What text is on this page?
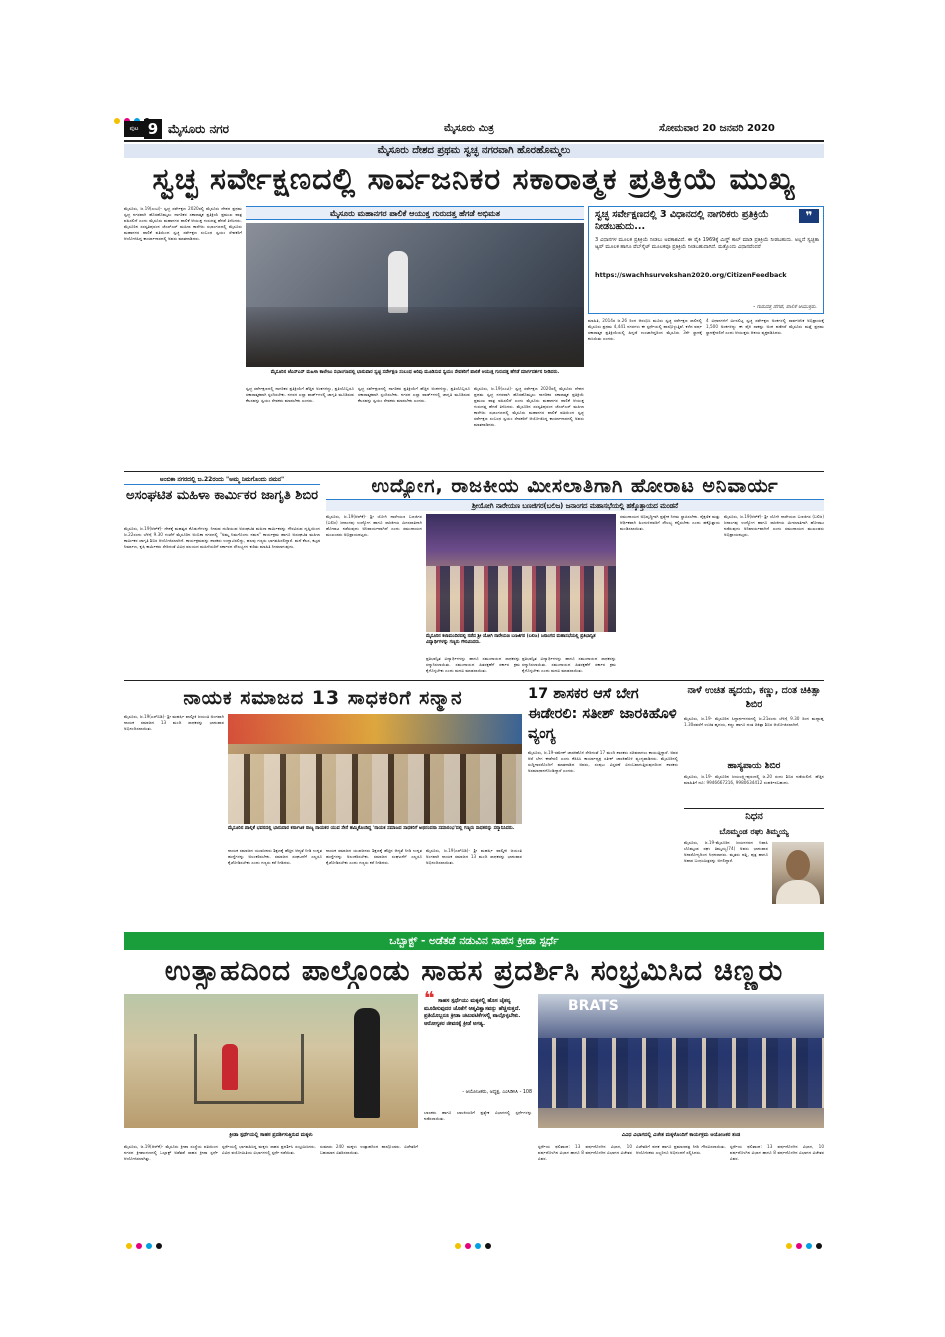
ಪುಟ 9 ಮೈಸೂರು ನಗರ	ಮೈಸೂರು ಮಿತ್ರ	ಸೋಮವಾರ 20 ಜನವರಿ 2020
ಮೈಸೂರು ದೇಶದ ಪ್ರಥಮ ಸ್ವಚ್ಛ ನಗರವಾಗಿ ಹೊರಹೊಮ್ಮಲು
ಸ್ವಚ್ಛ ಸರ್ವೇಕ್ಷಣದಲ್ಲಿ ಸಾರ್ವಜನಿಕರ ಸಕಾರಾತ್ಮಕ ಪ್ರತಿಕ್ರಿಯೆ ಮುಖ್ಯ
ಮೈಸೂರು, ಜ.19(ಎಂಟಿ)- ಸ್ವಚ್ಛ ಸರ್ವೇಕ್ಷಣ 2020ರಲ್ಲಿ ಮೈಸೂರು ದೇಶದ ಪ್ರಥಮ ಸ್ವಚ್ಛ ನಗರವಾಗಿ ಹೊರಹೊಮ್ಮಲು ನಾಗರಿಕರ ಸಕಾರಾತ್ಮಕ ಪ್ರತಿಕ್ರಿಯೆ ಪ್ರಮುಖ ಪಾತ್ರ ವಹಿಸಲಿದೆ ಎಂದು ಮೈಸೂರು ಮಹಾನಗರ ಪಾಲಿಕೆ ಆಯುಕ್ತ ಗುರುದತ್ತ ಹೆಗಡೆ ತಿಳಿಸಿದರು. ಮೈಸೂರಿನ ಸರಸ್ವತಿಪುರಂನ ಜೆಎಸ್‌ಎಸ್ ಮಹಿಳಾ ಕಾಲೇಜು ಸಭಾಂಗಣದಲ್ಲಿ ಮೈಸೂರು ಮಹಾನಗರ ಪಾಲಿಕೆ ವತಿಯಿಂದ ಸ್ವಚ್ಛ ಸರ್ವೇಕ್ಷಣ ಸಂಬಂಧ ಸ್ವಯಂ ಸೇವಕರಿಗೆ ಆಯೋಜಿಸಿದ್ದ ಕಾರ್ಯಾಗಾರದಲ್ಲಿ ಅವರು ಮಾತನಾಡಿದರು.
ಮೈಸೂರು ಮಹಾನಗರ ಪಾಲಿಕೆ ಆಯುಕ್ತ ಗುರುದತ್ತ ಹೆಗಡೆ ಅಭಿಮತ
ಮೈಸೂರಿನ ಜೆಎಸ್‌ಎಸ್ ಮಹಿಳಾ ಕಾಲೇಜು ಸಭಾಂಗಣದಲ್ಲಿ ಭಾನುವಾರ ಸ್ವಚ್ಛ ಸರ್ವೇಕ್ಷಣ ಸಂಬಂಧ ಅರಿವು ಮೂಡಿಸುವ ಸ್ವಯಂ ಸೇವಕರಿಗೆ ಪಾಲಿಕೆ ಆಯುಕ್ತ ಗುರುದತ್ತ ಹೆಗಡೆ ಮಾರ್ಗದರ್ಶನ ನೀಡಿದರು.
ಸ್ವಚ್ಛ ಸರ್ವೇಕ್ಷಣದಲ್ಲಿ ನಾಗರಿಕರ ಪ್ರತಿಕ್ರಿಯೆಗೆ ಹೆಚ್ಚಿನ ಅಂಕಗಳಿದ್ದು, ಪ್ರತಿಯೊಬ್ಬರೂ ಸಕಾರಾತ್ಮಕವಾಗಿ ಸ್ಪಂದಿಸಬೇಕು. ನಗರದ ಎಲ್ಲಾ ವಾರ್ಡ್‌ಗಳಲ್ಲಿ ಜಾಗೃತಿ ಮೂಡಿಸುವ ಕೆಲಸವನ್ನು ಸ್ವಯಂ ಸೇವಕರು ಮಾಡಬೇಕು ಎಂದರು.
ಸ್ವಚ್ಛ ಸರ್ವೇಕ್ಷಣದಲ್ಲಿ ನಾಗರಿಕರ ಪ್ರತಿಕ್ರಿಯೆಗೆ ಹೆಚ್ಚಿನ ಅಂಕಗಳಿದ್ದು, ಪ್ರತಿಯೊಬ್ಬರೂ ಸಕಾರಾತ್ಮಕವಾಗಿ ಸ್ಪಂದಿಸಬೇಕು. ನಗರದ ಎಲ್ಲಾ ವಾರ್ಡ್‌ಗಳಲ್ಲಿ ಜಾಗೃತಿ ಮೂಡಿಸುವ ಕೆಲಸವನ್ನು ಸ್ವಯಂ ಸೇವಕರು ಮಾಡಬೇಕು ಎಂದರು.
ಮೈಸೂರು, ಜ.19(ಎಂಟಿ)- ಸ್ವಚ್ಛ ಸರ್ವೇಕ್ಷಣ 2020ರಲ್ಲಿ ಮೈಸೂರು ದೇಶದ ಪ್ರಥಮ ಸ್ವಚ್ಛ ನಗರವಾಗಿ ಹೊರಹೊಮ್ಮಲು ನಾಗರಿಕರ ಸಕಾರಾತ್ಮಕ ಪ್ರತಿಕ್ರಿಯೆ ಪ್ರಮುಖ ಪಾತ್ರ ವಹಿಸಲಿದೆ ಎಂದು ಮೈಸೂರು ಮಹಾನಗರ ಪಾಲಿಕೆ ಆಯುಕ್ತ ಗುರುದತ್ತ ಹೆಗಡೆ ತಿಳಿಸಿದರು. ಮೈಸೂರಿನ ಸರಸ್ವತಿಪುರಂನ ಜೆಎಸ್‌ಎಸ್ ಮಹಿಳಾ ಕಾಲೇಜು ಸಭಾಂಗಣದಲ್ಲಿ ಮೈಸೂರು ಮಹಾನಗರ ಪಾಲಿಕೆ ವತಿಯಿಂದ ಸ್ವಚ್ಛ ಸರ್ವೇಕ್ಷಣ ಸಂಬಂಧ ಸ್ವಯಂ ಸೇವಕರಿಗೆ ಆಯೋಜಿಸಿದ್ದ ಕಾರ್ಯಾಗಾರದಲ್ಲಿ ಅವರು ಮಾತನಾಡಿದರು.
ಸ್ವಚ್ಛ ಸರ್ವೇಕ್ಷಣದಲ್ಲಿ 3 ವಿಧಾನದಲ್ಲಿ ನಾಗರಿಕರು ಪ್ರತಿಕ್ರಿಯೆ ನೀಡಬಹುದು...
❞
3 ವಿಧಾನಗಳ ಮೂಲಕ ಪ್ರತಿಕ್ರಿಯೆ ನೀಡಲು ಅವಕಾಶವಿದೆ. ಈ ಪೈಕಿ 1969ಕ್ಕೆ ಮಿಸ್ಡ್ ಕಾಲ್ ಮಾಡಿ ಪ್ರತಿಕ್ರಿಯೆ ನೀಡಬಹುದು. ಅಲ್ಲದೆ ಸ್ವಚ್ಛತಾ ಆ್ಯಪ್ ಮೂಲಕ ಹಾಗೂ ವೆಬ್‌ಸೈಟ್ ಮೂಲಕವೂ ಪ್ರತಿಕ್ರಿಯೆ ನೀಡಬಹುದಾಗಿದೆ. ಮತ್ತೊಂದು ವಿಧಾನವೆಂದರೆ
https://swachhsurvekshan2020.org/CitizenFeedback
- ಗುರುದತ್ತ ಹೆಗಡೆ, ಪಾಲಿಕೆ ಆಯುಕ್ತರು.
ಮಾಹಿತಿ, 2014ರ ಜ.26 ರಿಂದ ಆರಂಭಿಸಿ ಮೂರು ಸ್ವಚ್ಛ ಸರ್ವೇಕ್ಷಣ ಸಾಲಿನಲ್ಲಿ ಮೈಸೂರು ಪ್ರಥಮ 4,441 ನಗರಗಳು ಈ ಸ್ಪರ್ಧೆಯಲ್ಲಿ ಪಾಲ್ಗೊಳ್ಳುತ್ತಿವೆ. ಕಳೆದ ವರ್ಷ ಸಕಾರಾತ್ಮಕ ಪ್ರತಿಕ್ರಿಯೆಯಲ್ಲಿ ಹಿನ್ನಡೆ ಉಂಟಾಗಿದ್ದರಿಂದ ಮೈಸೂರು 3ನೇ ಸ್ಥಾನಕ್ಕೆ ಕುಸಿಯಿತು ಎಂದರು.
4 ವಿಧಾನಗಳಿಗೆ ಮೀಸಲಿಟ್ಟ ಸ್ವಚ್ಛ ಸರ್ವೇಕ್ಷಣ ಅಂಕಗಳಲ್ಲಿ ಸಾರ್ವಜನಿಕ ಅಭಿಪ್ರಾಯಕ್ಕೆ 1,500 ಅಂಕಗಳಿದ್ದು ಈ ಪೈಕಿ ಸಾಕಷ್ಟು ಅಂಕ ಪಡೆದರೆ ಮೈಸೂರು ಮತ್ತೆ ಪ್ರಥಮ ಸ್ಥಾನಕ್ಕೇರಲಿದೆ ಎಂದು ಆಯುಕ್ತರು ಆಶಯ ವ್ಯಕ್ತಪಡಿಸಿದರು.
ಅಂಬಿಕಾ ನಗರದಲ್ಲಿ ಜ.22ರಂದು "ಅಮ್ಮ ನಿಮಗೊಂದು ನಮನ"
ಅಸಂಘಟಿತ ಮಹಿಳಾ ಕಾರ್ಮಿಕರ ಜಾಗೃತಿ ಶಿಬಿರ
ಮೈಸೂರು, ಜ.19(ಆರ್‌ಕೆ)- ದೇಶಕ್ಕೆ ಮಹತ್ವದ ಕೊಡುಗೆಗಳನ್ನು ನೀಡುವ ದುಡಿಯುವ ಅಸಂಘಟಿತ ಮಹಿಳಾ ಕಾರ್ಮಿಕರನ್ನು ಗೌರವಿಸುವ ದೃಷ್ಟಿಯಿಂದ ಜ.22ರಂದು ಬೆಳಿಗ್ಗೆ 9.30 ಗಂಟೆಗೆ ಮೈಸೂರಿನ ಅಂಬಿಕಾ ನಗರದಲ್ಲಿ "ಅಮ್ಮ ನಿಮಗೊಂದು ನಮನ" ಕಾರ್ಯಕ್ರಮ ಹಾಗೂ ಅಸಂಘಟಿತ ಮಹಿಳಾ ಕಾರ್ಮಿಕರ ಜಾಗೃತಿ ಶಿಬಿರ ಆಯೋಜಿಸಲಾಗಿದೆ. ಕಾರ್ಯಕ್ರಮವನ್ನು ಶಾಸಕರು ಉದ್ಘಾಟಿಸಲಿದ್ದು, ಹಲವು ಗಣ್ಯರು ಭಾಗವಹಿಸಲಿದ್ದಾರೆ. ಮನೆ ಕೆಲಸ, ಕಟ್ಟಡ ನಿರ್ಮಾಣ, ಕೃಷಿ ಕಾರ್ಮಿಕರು ಸೇರಿದಂತೆ ವಿವಿಧ ವಲಯದ ಮಹಿಳೆಯರಿಗೆ ಸರ್ಕಾರದ ಸೌಲಭ್ಯಗಳ ಕುರಿತು ಮಾಹಿತಿ ನೀಡಲಾಗುವುದು.
ಉದ್ಯೋಗ, ರಾಜಕೀಯ ಮೀಸಲಾತಿಗಾಗಿ ಹೋರಾಟ ಅನಿವಾರ್ಯ
ಶ್ರೀಯೋಗಿ ನಾರೇಯಣ ಬಣಜಿಗರ(ಬಲಿಜ) ಜನಾಂಗದ ಮಹಾಸಭೆಯಲ್ಲಿ ಹಕ್ಕೊತ್ತಾಯದ ಮಂಡನೆ
ಮೈಸೂರು, ಜ.19(ಆರ್‌ಕೆ)- ಶ್ರೀ ಯೋಗಿ ನಾರೇಯಣ ಬಣಜಿಗರ (ಬಲಿಜ) ಜನಾಂಗವು ಉದ್ಯೋಗ ಹಾಗೂ ರಾಜಕೀಯ ಮೀಸಲಾತಿಗಾಗಿ ಹೋರಾಟ ನಡೆಸುವುದು ಅನಿವಾರ್ಯವಾಗಿದೆ ಎಂದು ಸಮುದಾಯದ ಮುಖಂಡರು ಅಭಿಪ್ರಾಯಪಟ್ಟರು.
ಮೈಸೂರಿನ ಕಲಾಮಂದಿರದಲ್ಲಿ ನಡೆದ ಶ್ರೀ ಯೋಗಿ ನಾರೇಯಣ ಬಣಜಿಗರ (ಬಲಿಜ) ಜನಾಂಗದ ಮಹಾಸಭೆಯಲ್ಲಿ ಪ್ರತಿಭಾನ್ವಿತ ವಿದ್ಯಾರ್ಥಿಗಳನ್ನು ಗಣ್ಯರು ಗೌರವಿಸಿದರು.
ಪ್ರತಿಭಾನ್ವಿತ ವಿದ್ಯಾರ್ಥಿಗಳನ್ನು ಹಾಗೂ ಸಮುದಾಯದ ಸಾಧಕರನ್ನು ಸನ್ಮಾನಿಸಲಾಯಿತು. ಸಮುದಾಯದ ಹಿತರಕ್ಷಣೆಗೆ ಸರ್ಕಾರ ಕ್ರಮ ಕೈಗೊಳ್ಳಬೇಕು ಎಂದು ಮನವಿ ಮಾಡಲಾಯಿತು.
ಪ್ರತಿಭಾನ್ವಿತ ವಿದ್ಯಾರ್ಥಿಗಳನ್ನು ಹಾಗೂ ಸಮುದಾಯದ ಸಾಧಕರನ್ನು ಸನ್ಮಾನಿಸಲಾಯಿತು. ಸಮುದಾಯದ ಹಿತರಕ್ಷಣೆಗೆ ಸರ್ಕಾರ ಕ್ರಮ ಕೈಗೊಳ್ಳಬೇಕು ಎಂದು ಮನವಿ ಮಾಡಲಾಯಿತು.
ಸಮುದಾಯದ ಅಭಿವೃದ್ಧಿಗಾಗಿ ಪ್ರತ್ಯೇಕ ನಿಗಮ ಸ್ಥಾಪಿಸಬೇಕು. ಶೈಕ್ಷಣಿಕ ಮತ್ತು ಆರ್ಥಿಕವಾಗಿ ಹಿಂದುಳಿದವರಿಗೆ ಸೌಲಭ್ಯ ಕಲ್ಪಿಸಬೇಕು ಎಂದು ಹಕ್ಕೊತ್ತಾಯ ಮಂಡಿಸಲಾಯಿತು.
ಮೈಸೂರು, ಜ.19(ಆರ್‌ಕೆ)- ಶ್ರೀ ಯೋಗಿ ನಾರೇಯಣ ಬಣಜಿಗರ (ಬಲಿಜ) ಜನಾಂಗವು ಉದ್ಯೋಗ ಹಾಗೂ ರಾಜಕೀಯ ಮೀಸಲಾತಿಗಾಗಿ ಹೋರಾಟ ನಡೆಸುವುದು ಅನಿವಾರ್ಯವಾಗಿದೆ ಎಂದು ಸಮುದಾಯದ ಮುಖಂಡರು ಅಭಿಪ್ರಾಯಪಟ್ಟರು.
ನಾಯಕ ಸಮಾಜದ 13 ಸಾಧಕರಿಗೆ ಸನ್ಮಾನ
ಮೈಸೂರು, ಜ.19(ಎಸ್‌ಬಿಡಿ)- ಶ್ರೀ ಮಹರ್ಷಿ ವಾಲ್ಮೀಕಿ ಜಯಂತಿ ಅಂಗವಾಗಿ ನಾಯಕ ಸಮಾಜದ 13 ಮಂದಿ ಸಾಧಕರನ್ನು ಭಾನುವಾರ ಅಭಿನಂದಿಸಲಾಯಿತು.
ಮೈಸೂರಿನ ಪಾಲ್ಗಿಕೆ ಭವನದಲ್ಲಿ ಭಾನುವಾರ ಕರ್ನಾಟಕ ರಾಜ್ಯ ನಾಯಕರ ಯುವ ಸೇನೆ ಹಮ್ಮಿಕೊಂಡಿದ್ದ 'ನಾಯಕ ಸಮಾಜದ ಸಾಧಕರಿಗೆ ಅಭಿನಂದನಾ ಸಮಾರಂಭ'ದಲ್ಲಿ ಗಣ್ಯರು ಸಾಧಕರನ್ನು ಸನ್ಮಾನಿಸಿದರು.
ನಾಯಕ ಸಮಾಜದ ಯುವಜನರು ಶಿಕ್ಷಣಕ್ಕೆ ಹೆಚ್ಚಿನ ಆದ್ಯತೆ ನೀಡಿ ಉನ್ನತ ಹುದ್ದೆಗಳನ್ನು ಅಲಂಕರಿಸಬೇಕು. ಸಮಾಜದ ಸಂಘಟನೆಗೆ ಎಲ್ಲರೂ ಕೈಜೋಡಿಸಬೇಕು ಎಂದು ಗಣ್ಯರು ಕರೆ ನೀಡಿದರು.
ನಾಯಕ ಸಮಾಜದ ಯುವಜನರು ಶಿಕ್ಷಣಕ್ಕೆ ಹೆಚ್ಚಿನ ಆದ್ಯತೆ ನೀಡಿ ಉನ್ನತ ಹುದ್ದೆಗಳನ್ನು ಅಲಂಕರಿಸಬೇಕು. ಸಮಾಜದ ಸಂಘಟನೆಗೆ ಎಲ್ಲರೂ ಕೈಜೋಡಿಸಬೇಕು ಎಂದು ಗಣ್ಯರು ಕರೆ ನೀಡಿದರು.
ಮೈಸೂರು, ಜ.19(ಎಸ್‌ಬಿಡಿ)- ಶ್ರೀ ಮಹರ್ಷಿ ವಾಲ್ಮೀಕಿ ಜಯಂತಿ ಅಂಗವಾಗಿ ನಾಯಕ ಸಮಾಜದ 13 ಮಂದಿ ಸಾಧಕರನ್ನು ಭಾನುವಾರ ಅಭಿನಂದಿಸಲಾಯಿತು.
17 ಶಾಸಕರ ಆಸೆ ಬೇಗ ಈಡೇರಲಿ: ಸತೀಶ್ ಜಾರಕಿಹೊಳಿ ವ್ಯಂಗ್ಯ
ಮೈಸೂರು, ಜ.19-ರಮೇಶ್ ಜಾರಕಿಹೊಳಿ ಸೇರಿದಂತೆ 17 ಮಂದಿ ಶಾಸಕರು ಸಚಿವರಾಗಲು ಕಾಯುತ್ತಿದ್ದಾರೆ. ಅವರ ಆಸೆ ಬೇಗ ಈಡೇರಲಿ ಎಂದು ಕೆಪಿಸಿಸಿ ಕಾರ್ಯಾಧ್ಯಕ್ಷ ಸತೀಶ್ ಜಾರಕಿಹೊಳಿ ವ್ಯಂಗ್ಯವಾಡಿದರು. ಮೈಸೂರಿನಲ್ಲಿ ಸುದ್ದಿಗಾರರೊಂದಿಗೆ ಮಾತನಾಡಿದ ಅವರು, ಸಂಪುಟ ವಿಸ್ತರಣೆ ವಿಳಂಬವಾಗುತ್ತಿರುವುದರಿಂದ ಶಾಸಕರು ಅಸಮಾಧಾನಗೊಂಡಿದ್ದಾರೆ ಎಂದರು.
ನಾಳೆ ಉಚಿತ ಹೃದಯ, ಕಣ್ಣು, ದಂತ ಚಿಕಿತ್ಸಾ ಶಿಬಿರ
ಮೈಸೂರು, ಜ.19- ಮೈಸೂರಿನ ಸಿದ್ದಾರ್ಥನಗರದಲ್ಲಿ ಜ.21ರಂದು ಬೆಳಿಗ್ಗೆ 9.30 ರಿಂದ ಮಧ್ಯಾಹ್ನ 1.30ರವರೆಗೆ ಉಚಿತ ಹೃದಯ, ಕಣ್ಣು ಹಾಗೂ ದಂತ ಚಿಕಿತ್ಸಾ ಶಿಬಿರ ಆಯೋಜಿಸಲಾಗಿದೆ.
ಹಾಸ್ಯಪಾಯ ಶಿಬಿರ
ಮೈಸೂರು, ಜ.19- ಮೈಸೂರಿನ ಜಯಲಕ್ಷ್ಮೀಪುರಂನಲ್ಲಿ ಜ.20 ರಂದು ಶಿಬಿರ ನಡೆಯಲಿದೆ. ಹೆಚ್ಚಿನ ಮಾಹಿತಿಗೆ ದೂ: 9946667216, 9980634412 ಸಂಪರ್ಕಿಸಬಹುದು.
ನಿಧನ
ಬೊಮ್ಮಂಡ ರಘು ತಿಮ್ಮಯ್ಯ
ಮೈಸೂರು, ಜ.19-ಮೈಸೂರಿನ ಜಯನಗರದ ನಿವಾಸಿ ಬೊಮ್ಮಂಡ ರಘು ತಿಮ್ಮಯ್ಯ(74) ಅವರು ಭಾನುವಾರ ಅನಾರೋಗ್ಯದಿಂದ ನಿಧನರಾದರು. ಮೃತರು ಪತ್ನಿ, ಪುತ್ರ ಹಾಗೂ ಅಪಾರ ಬಂಧುಮಿತ್ರರನ್ನು ಅಗಲಿದ್ದಾರೆ.
ಒಬ್ಬಾಕ್ಟ್ - ಅಡೆತಡೆ ನಡುವಿನ ಸಾಹಸ ಕ್ರೀಡಾ ಸ್ಪರ್ಧೆ
ಉತ್ಸಾಹದಿಂದ ಪಾಲ್ಗೊಂಡು ಸಾಹಸ ಪ್ರದರ್ಶಿಸಿ ಸಂಭ್ರಮಿಸಿದ ಚಿಣ್ಣರು
ಕ್ರೀಡಾ ಸ್ಪರ್ಧೆಯಲ್ಲಿ ಸಾಹಸ ಪ್ರದರ್ಶಿಸುತ್ತಿರುವ ಮಕ್ಕಳು
❝ ಸಾಹಸ ಸ್ಪರ್ಧೆಯು ಮಕ್ಕಳಲ್ಲಿ ಹೊಸ ಚೈತನ್ಯ ಮೂಡಿಸುವುದರ ಜೊತೆಗೆ ಆತ್ಮವಿಶ್ವಾಸವನ್ನು ಹೆಚ್ಚಿಸುತ್ತದೆ. ಪ್ರತಿಯೊಬ್ಬರೂ ಕ್ರೀಡಾ ಚಟುವಟಿಕೆಗಳಲ್ಲಿ ಪಾಲ್ಗೊಳ್ಳಬೇಕು. ಆರೋಗ್ಯಕರ ಜೀವನಕ್ಕೆ ಕ್ರೀಡೆ ಅಗತ್ಯ.
- ಆಯೋಜಕರು, ಅಧ್ಯಕ್ಷ, ಎಂಸಿಡಿಸಿಸಿ - 108
BRATS
ವಿವಿಧ ವಿಭಾಗದಲ್ಲಿ ವಿಜೇತ ಮಕ್ಕಳೊಂದಿಗೆ ಕಾರ್ಯಕ್ರಮ ಆಯೋಜಕರ ತಂಡ
ಮೈಸೂರು, ಜ.19(ಆರ್‌ಕೆ)- ಮೈಸೂರು ಕ್ರೀಡಾ ಸಂಸ್ಥೆಯ ವತಿಯಿಂದ ನಗರದ ಕ್ರೀಡಾಂಗಣದಲ್ಲಿ ಒಬ್ಬಾಕ್ಟ್ ಅಡೆತಡೆ ಸಾಹಸ ಕ್ರೀಡಾ ಸ್ಪರ್ಧೆ ಆಯೋಜಿಸಲಾಗಿತ್ತು.
ಸ್ಪರ್ಧೆಯಲ್ಲಿ ಭಾಗವಹಿಸಿದ್ದ ಮಕ್ಕಳು ಸಾಹಸ ಪ್ರದರ್ಶಿಸಿ ಸಂಭ್ರಮಿಸಿದರು. ವಿವಿಧ ವಯೋಮಿತಿಯ ವಿಭಾಗಗಳಲ್ಲಿ ಸ್ಪರ್ಧೆ ನಡೆಯಿತು.
ಸುಮಾರು 240 ಮಕ್ಕಳು ಉತ್ಸಾಹದಿಂದ ಪಾಲ್ಗೊಂಡರು. ವಿಜೇತರಿಗೆ ಬಹುಮಾನ ವಿತರಿಸಲಾಯಿತು.
ಬಾಲಕರು ಹಾಗೂ ಬಾಲಕಿಯರಿಗೆ ಪ್ರತ್ಯೇಕ ವಿಭಾಗದಲ್ಲಿ ಸ್ಪರ್ಧೆಗಳನ್ನು ನಡೆಸಲಾಯಿತು.
ಸ್ಪರ್ಧೆಯ ಫಲಿತಾಂಶ: 13 ವರ್ಷದೊಳಗಿನ ವಿಭಾಗ, 10 ವರ್ಷದೊಳಗಿನ ವಿಭಾಗ ಹಾಗೂ 8 ವರ್ಷದೊಳಗಿನ ವಿಭಾಗದ ವಿಜೇತರ ವಿವರ.
ವಿಜೇತರಿಗೆ ಪದಕ ಹಾಗೂ ಪ್ರಮಾಣಪತ್ರ ನೀಡಿ ಗೌರವಿಸಲಾಯಿತು. ಆಯೋಜಕರು ಎಲ್ಲರಿಗೂ ಅಭಿನಂದನೆ ಸಲ್ಲಿಸಿದರು.
ಸ್ಪರ್ಧೆಯ ಫಲಿತಾಂಶ: 13 ವರ್ಷದೊಳಗಿನ ವಿಭಾಗ, 10 ವರ್ಷದೊಳಗಿನ ವಿಭಾಗ ಹಾಗೂ 8 ವರ್ಷದೊಳಗಿನ ವಿಭಾಗದ ವಿಜೇತರ ವಿವರ.
